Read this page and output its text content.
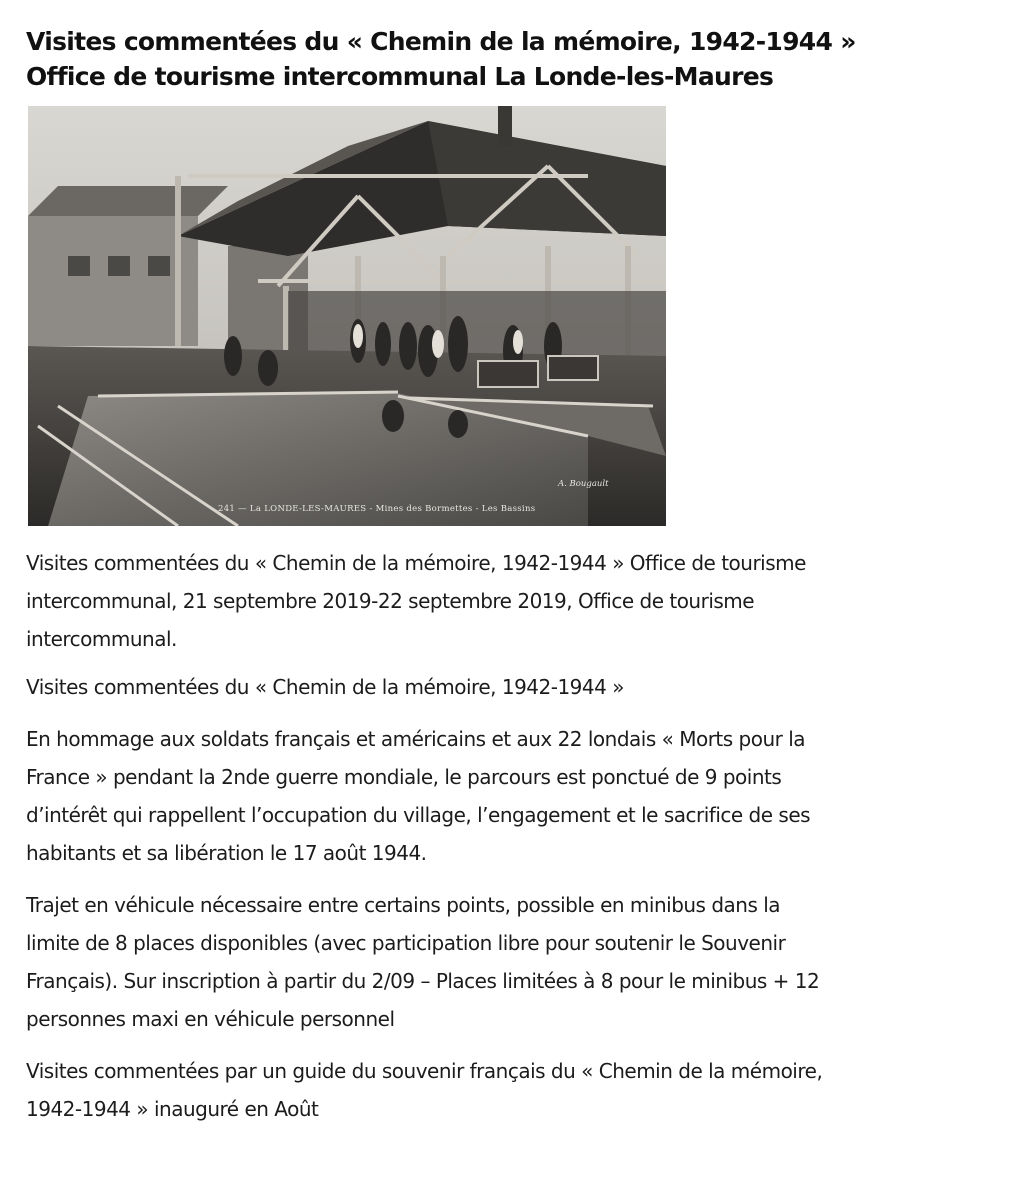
Visites commentées du « Chemin de la mémoire, 1942-1944 »
Office de tourisme intercommunal La Londe-les-Maures
241 — La LONDE-LES-MAURES - Mines des Bormettes - Les Bassins
A. Bougault

Visites commentées du « Chemin de la mémoire, 1942-1944 » Office de tourisme
intercommunal, 21 septembre 2019-22 septembre 2019, Office de tourisme
intercommunal.

Visites commentées du « Chemin de la mémoire, 1942-1944 »

En hommage aux soldats français et américains et aux 22 londais « Morts pour la
France » pendant la 2nde guerre mondiale, le parcours est ponctué de 9 points
d’intérêt qui rappellent l’occupation du village, l’engagement et le sacrifice de ses
habitants et sa libération le 17 août 1944.

Trajet en véhicule nécessaire entre certains points, possible en minibus dans la
limite de 8 places disponibles (avec participation libre pour soutenir le Souvenir
Français). Sur inscription à partir du 2/09 – Places limitées à 8 pour le minibus + 12
personnes maxi en véhicule personnel

Visites commentées par un guide du souvenir français du « Chemin de la mémoire,
1942-1944 » inauguré en Août
